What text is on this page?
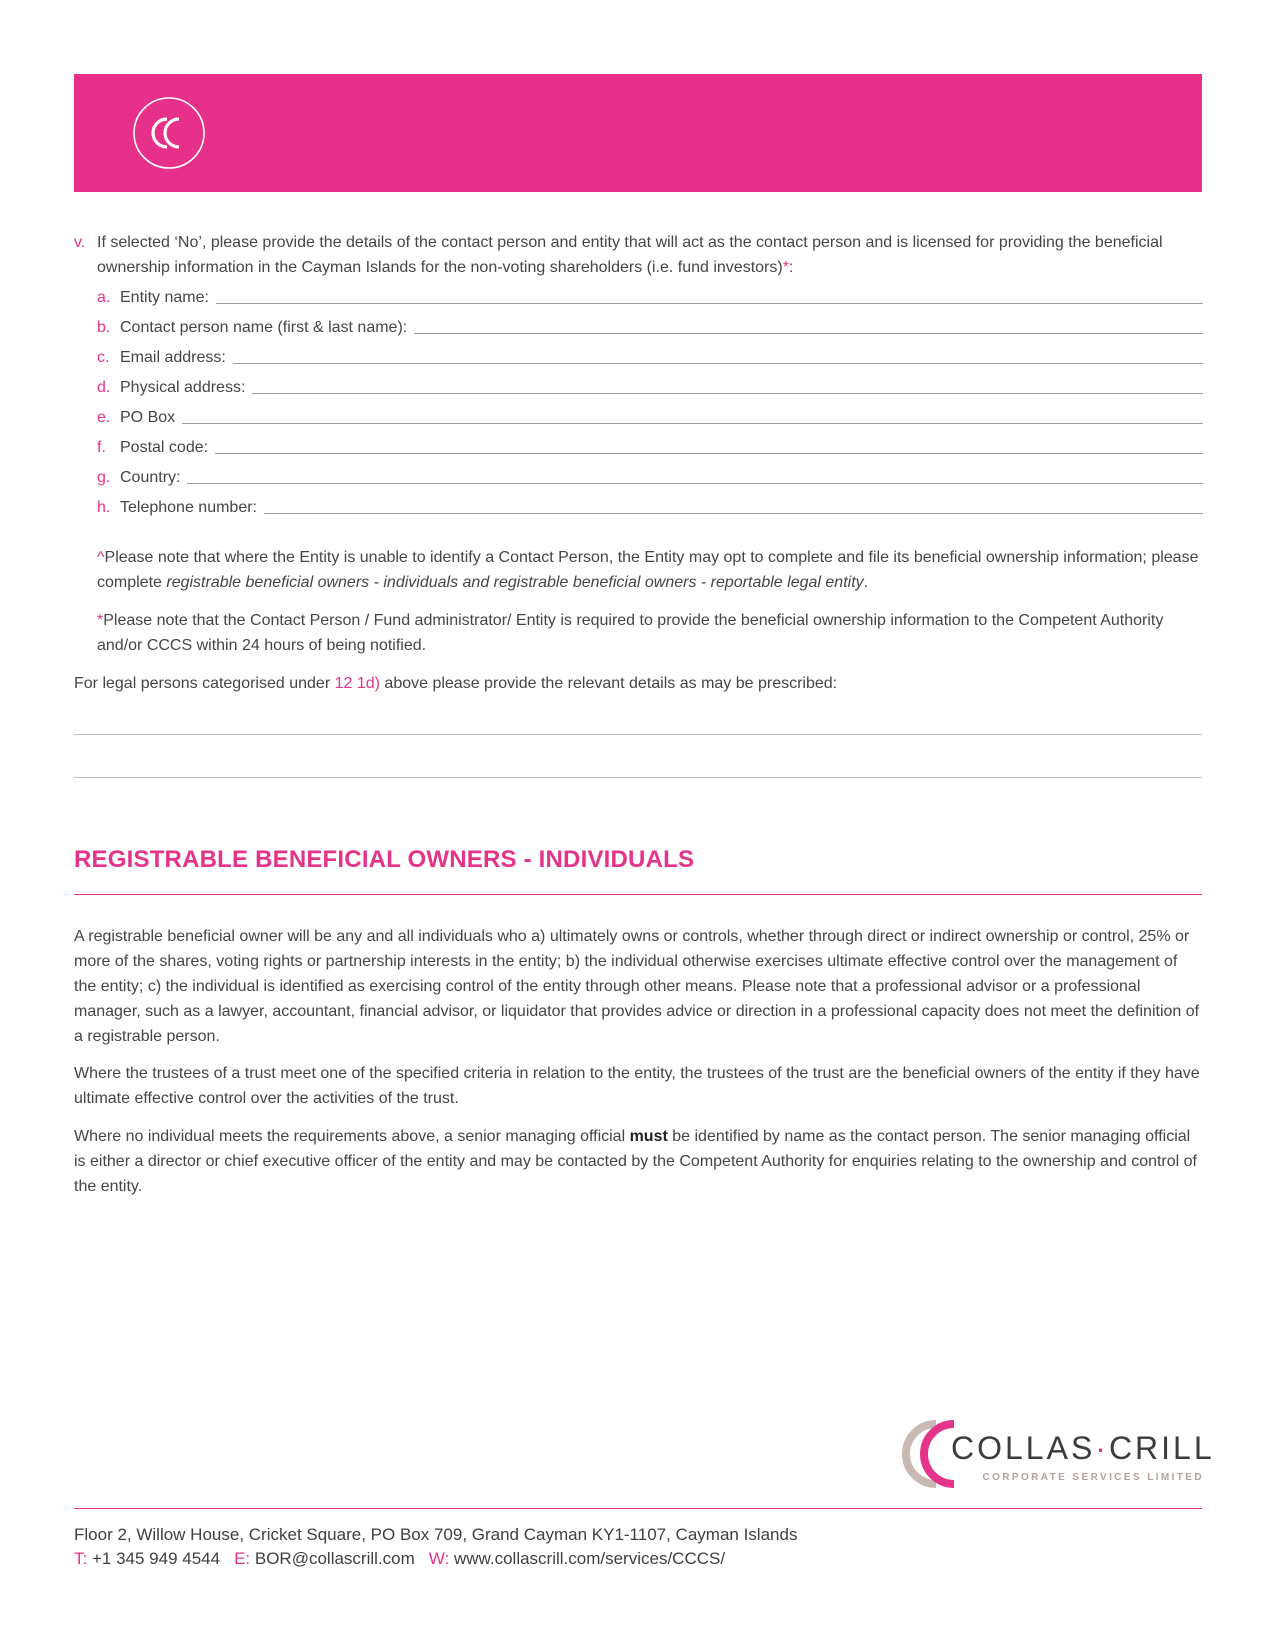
v. If selected ‘No’, please provide the details of the contact person and entity that will act as the contact person and is licensed for providing the beneficial ownership information in the Cayman Islands for the non-voting shareholders (i.e. fund investors)*:
a. Entity name:
b. Contact person name (first & last name):
c. Email address:
d. Physical address:
e. PO Box
f. Postal code:
g. Country:
h. Telephone number:
^Please note that where the Entity is unable to identify a Contact Person, the Entity may opt to complete and file its beneficial ownership information; please complete registrable beneficial owners - individuals and registrable beneficial owners - reportable legal entity.
*Please note that the Contact Person / Fund administrator/ Entity is required to provide the beneficial ownership information to the Competent Authority and/or CCCS within 24 hours of being notified.
For legal persons categorised under 12 1d) above please provide the relevant details as may be prescribed:
REGISTRABLE BENEFICIAL OWNERS - INDIVIDUALS

A registrable beneficial owner will be any and all individuals who a) ultimately owns or controls, whether through direct or indirect ownership or control, 25% or more of the shares, voting rights or partnership interests in the entity; b) the individual otherwise exercises ultimate effective control over the management of the entity; c) the individual is identified as exercising control of the entity through other means. Please note that a professional advisor or a professional manager, such as a lawyer, accountant, financial advisor, or liquidator that provides advice or direction in a professional capacity does not meet the definition of a registrable person.

Where the trustees of a trust meet one of the specified criteria in relation to the entity, the trustees of the trust are the beneficial owners of the entity if they have ultimate effective control over the activities of the trust.

Where no individual meets the requirements above, a senior managing official must be identified by name as the contact person. The senior managing official is either a director or chief executive officer of the entity and may be contacted by the Competent Authority for enquiries relating to the ownership and control of the entity.

COLLAS·CRILL
CORPORATE SERVICES LIMITED
Floor 2, Willow House, Cricket Square, PO Box 709, Grand Cayman KY1-1107, Cayman Islands
T: +1 345 949 4544 E: BOR@collascrill.com W: www.collascrill.com/services/CCCS/
